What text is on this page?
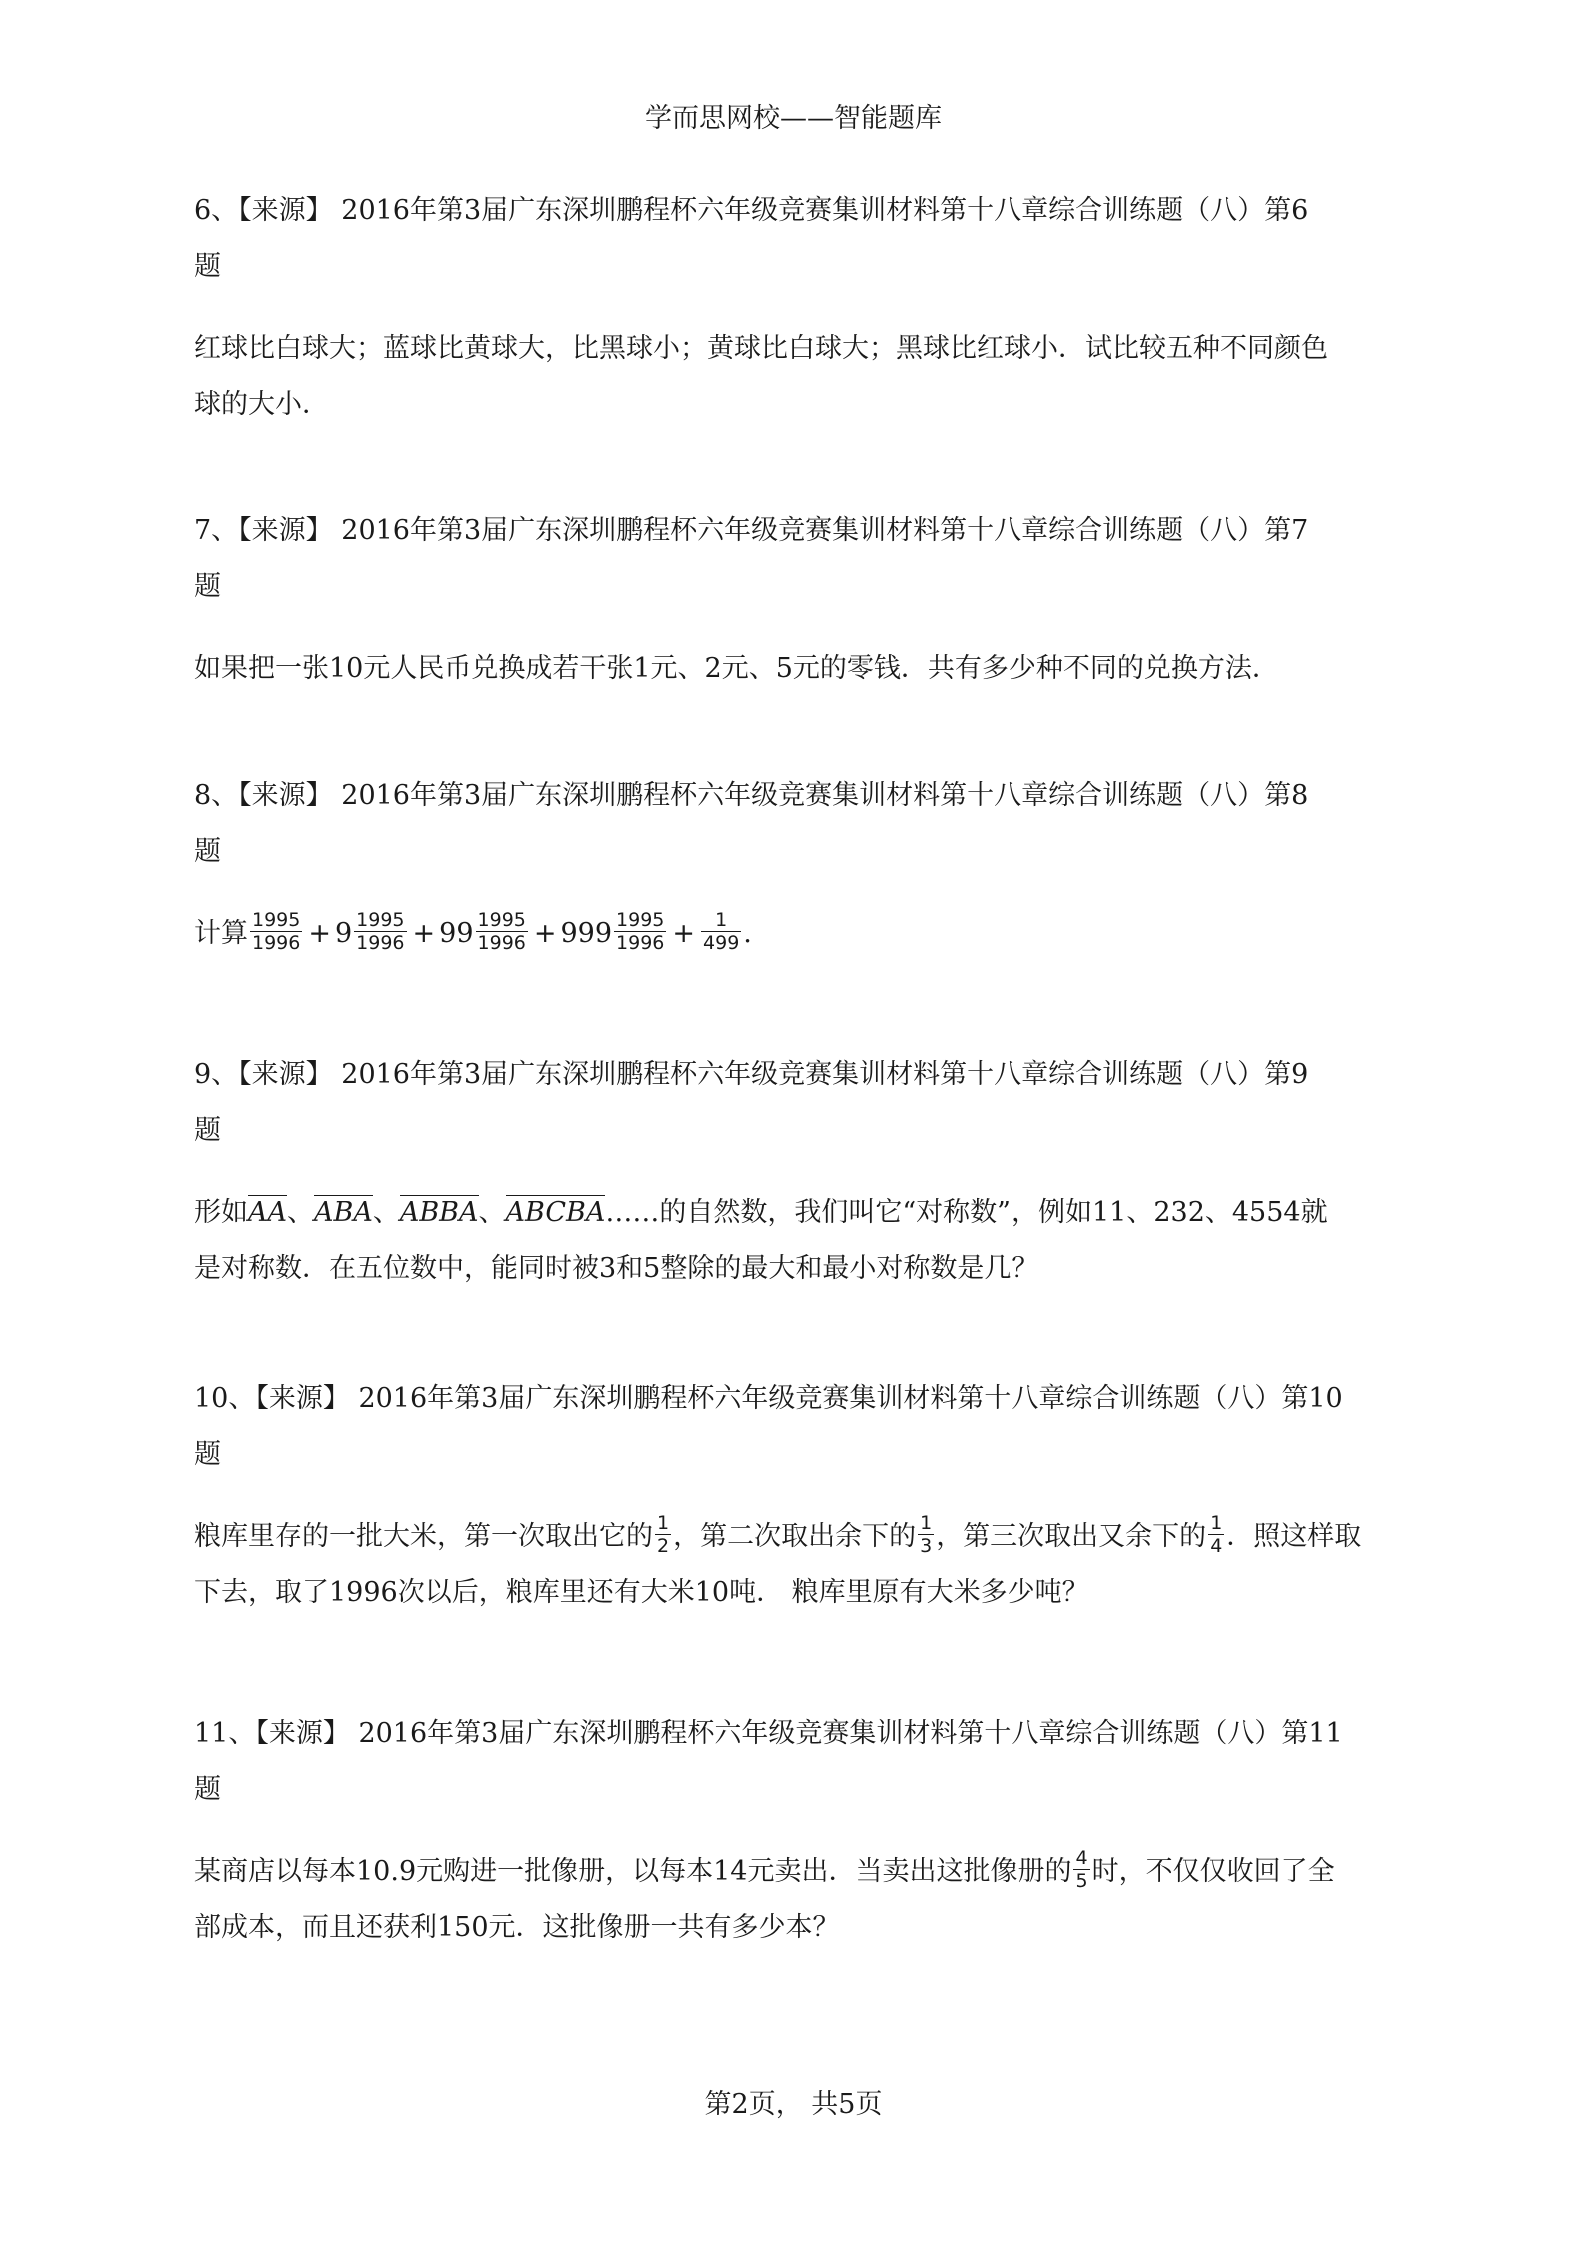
学而思网校——智能题库
6、【来源】 2016年第3届广东深圳鹏程杯六年级竞赛集训材料第十八章综合训练题（八）第6
题
红球比白球大；蓝球比黄球大，比黑球小；黄球比白球大；黑球比红球小．试比较五种不同颜色
球的大小．
7、【来源】 2016年第3届广东深圳鹏程杯六年级竞赛集训材料第十八章综合训练题（八）第7
题
如果把一张10元人民币兑换成若干张1元、2元、5元的零钱．共有多少种不同的兑换方法．
8、【来源】 2016年第3届广东深圳鹏程杯六年级竞赛集训材料第十八章综合训练题（八）第8
题
计算 $\frac{1995}{1996} + 9 \frac{1995}{1996} + 99 \frac{1995}{1996} + 999 \frac{1995}{1996} + \frac{1}{499}$ .
9、【来源】 2016年第3届广东深圳鹏程杯六年级竞赛集训材料第十八章综合训练题（八）第9
题
形如AA、ABA、ABBA、ABCBA……的自然数，我们叫它“对称数”，例如11、232、4554就
是对称数．在五位数中，能同时被3和5整除的最大和最小对称数是几？
10、【来源】 2016年第3届广东深圳鹏程杯六年级竞赛集训材料第十八章综合训练题（八）第10
题
粮库里存的一批大米，第一次取出它的 $\frac{1}{2}$ ，第二次取出余下的 $\frac{1}{3}$ ，第三次取出又余下的 $\frac{1}{4}$ ．照这样取
下去，取了1996次以后，粮库里还有大米10吨． 粮库里原有大米多少吨？
11、【来源】 2016年第3届广东深圳鹏程杯六年级竞赛集训材料第十八章综合训练题（八）第11
题
某商店以每本10.9元购进一批像册，以每本14元卖出．当卖出这批像册的 $\frac{4}{5}$ 时，不仅仅收回了全
部成本，而且还获利150元．这批像册一共有多少本？
第2页， 共5页
